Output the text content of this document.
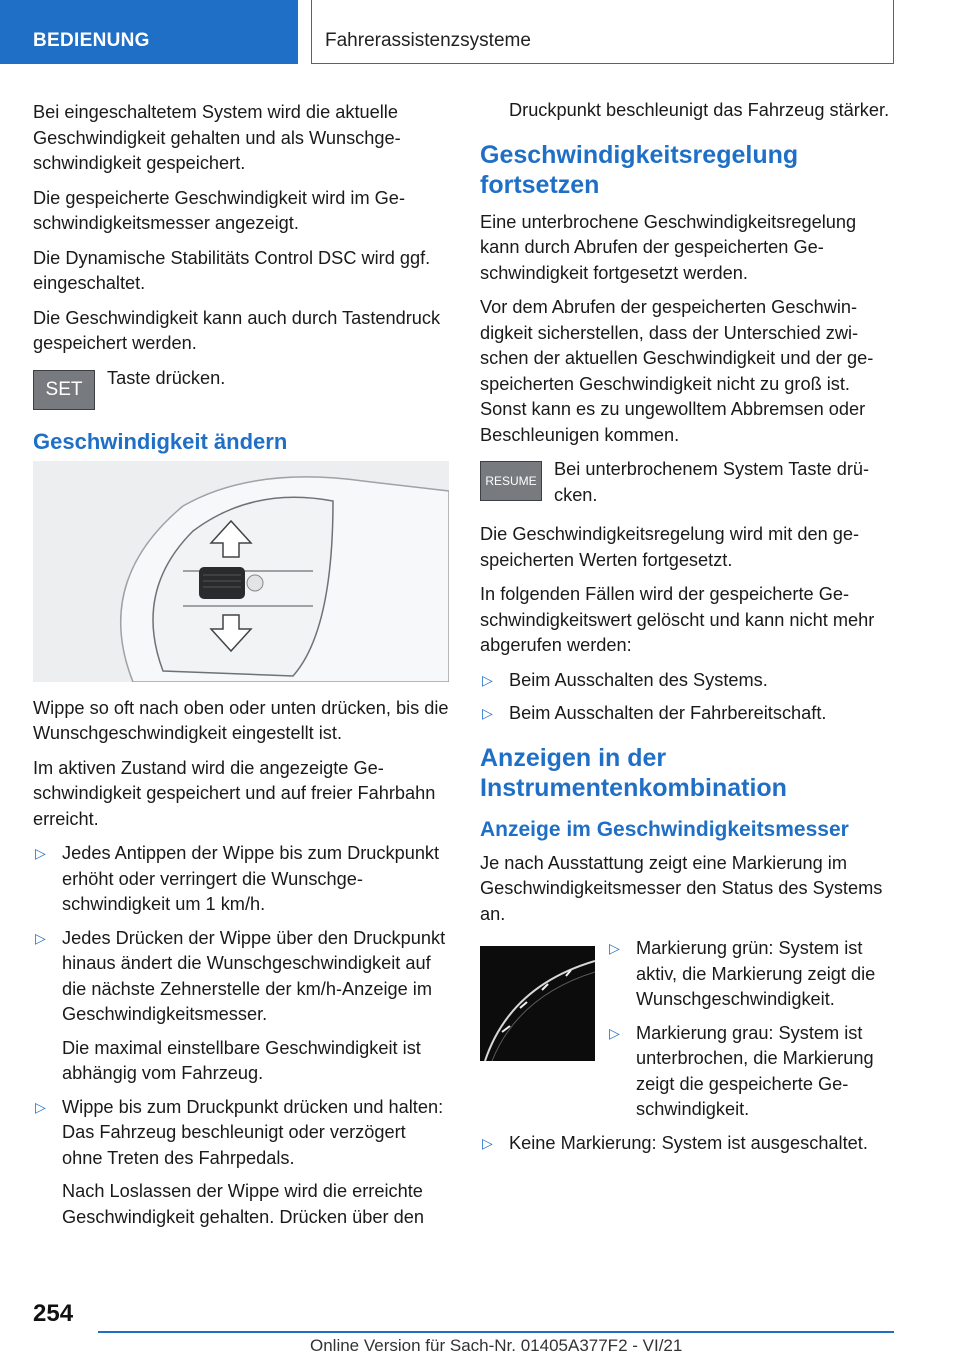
BEDIENUNG	Fahrerassistenzsysteme

Bei eingeschaltetem System wird die aktuelle Geschwindigkeit gehalten und als Wunschgeschwindigkeit gespeichert.

Die gespeicherte Geschwindigkeit wird im Geschwindigkeitsmesser angezeigt.

Die Dynamische Stabilitäts Control DSC wird ggf. eingeschaltet.

Die Geschwindigkeit kann auch durch Tastendruck gespeichert werden.

SET

Taste drücken.

Geschwindigkeit ändern

Wippe so oft nach oben oder unten drücken, bis die Wunschgeschwindigkeit eingestellt ist.

Im aktiven Zustand wird die angezeigte Geschwindigkeit gespeichert und auf freier Fahrbahn erreicht.

▷ Jedes Antippen der Wippe bis zum Druckpunkt erhöht oder verringert die Wunschgeschwindigkeit um 1 km/h.
▷ Jedes Drücken der Wippe über den Druckpunkt hinaus ändert die Wunschgeschwindigkeit auf die nächste Zehnerstelle der km/h-Anzeige im Geschwindigkeitsmesser.

Die maximal einstellbare Geschwindigkeit ist abhängig vom Fahrzeug.

▷ Wippe bis zum Druckpunkt drücken und halten: Das Fahrzeug beschleunigt oder verzögert ohne Treten des Fahrpedals.

Nach Loslassen der Wippe wird die erreichte Geschwindigkeit gehalten. Drücken über den

Druckpunkt beschleunigt das Fahrzeug stärker.

Geschwindigkeitsregelung fortsetzen

Eine unterbrochene Geschwindigkeitsregelung kann durch Abrufen der gespeicherten Geschwindigkeit fortgesetzt werden.

Vor dem Abrufen der gespeicherten Geschwindigkeit sicherstellen, dass der Unterschied zwischen der aktuellen Geschwindigkeit und der gespeicherten Geschwindigkeit nicht zu groß ist. Sonst kann es zu ungewolltem Abbremsen oder Beschleunigen kommen.

RESUME

Bei unterbrochenem System Taste drücken.

Die Geschwindigkeitsregelung wird mit den gespeicherten Werten fortgesetzt.

In folgenden Fällen wird der gespeicherte Geschwindigkeitswert gelöscht und kann nicht mehr abgerufen werden:

▷ Beim Ausschalten des Systems.
▷ Beim Ausschalten der Fahrbereitschaft.
Anzeigen in der Instrumentenkombination
Anzeige im Geschwindigkeitsmesser

Je nach Ausstattung zeigt eine Markierung im Geschwindigkeitsmesser den Status des Systems an.

▷ Markierung grün: System ist aktiv, die Markierung zeigt die Wunschgeschwindigkeit.
▷ Markierung grau: System ist unterbrochen, die Markierung zeigt die gespeicherte Geschwindigkeit.
▷ Keine Markierung: System ist ausgeschaltet.
254
Online Version für Sach-Nr. 01405A377F2 - VI/21
